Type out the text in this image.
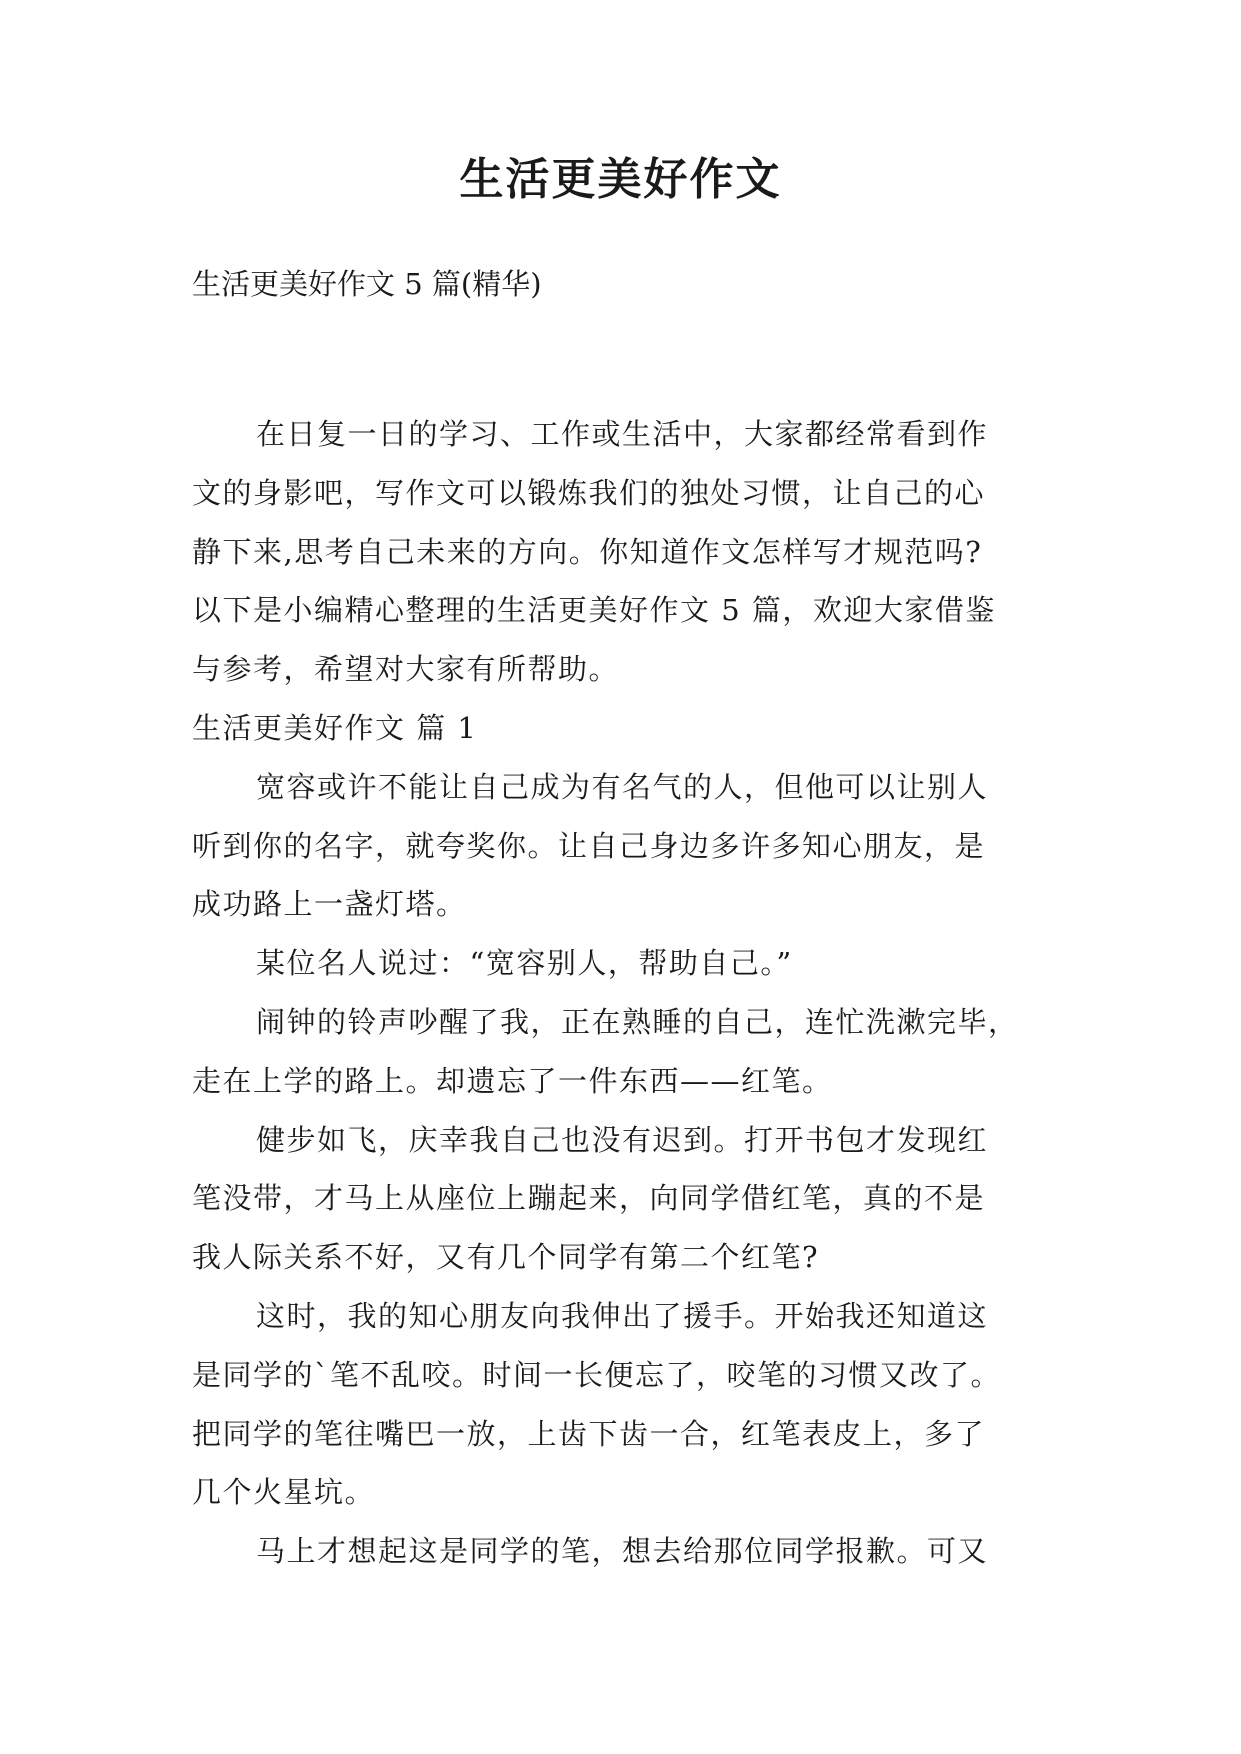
生活更美好作文

生活更美好作文 5 篇(精华)

在日复一日的学习、工作或生活中，大家都经常看到作
文的身影吧，写作文可以锻炼我们的独处习惯，让自己的心
静下来,思考自己未来的方向。你知道作文怎样写才规范吗?
以下是小编精心整理的生活更美好作文 5 篇，欢迎大家借鉴
与参考，希望对大家有所帮助。
生活更美好作文 篇 1
宽容或许不能让自己成为有名气的人，但他可以让别人
听到你的名字，就夸奖你。让自己身边多许多知心朋友，是
成功路上一盏灯塔。
某位名人说过：“宽容别人，帮助自己。”
闹钟的铃声吵醒了我，正在熟睡的自己，连忙洗漱完毕，
走在上学的路上。却遗忘了一件东西——红笔。
健步如飞，庆幸我自己也没有迟到。打开书包才发现红
笔没带，才马上从座位上蹦起来，向同学借红笔，真的不是
我人际关系不好，又有几个同学有第二个红笔?
这时，我的知心朋友向我伸出了援手。开始我还知道这
是同学的`笔不乱咬。时间一长便忘了，咬笔的习惯又改了。
把同学的笔往嘴巴一放，上齿下齿一合，红笔表皮上，多了
几个火星坑。
马上才想起这是同学的笔，想去给那位同学报歉。可又
